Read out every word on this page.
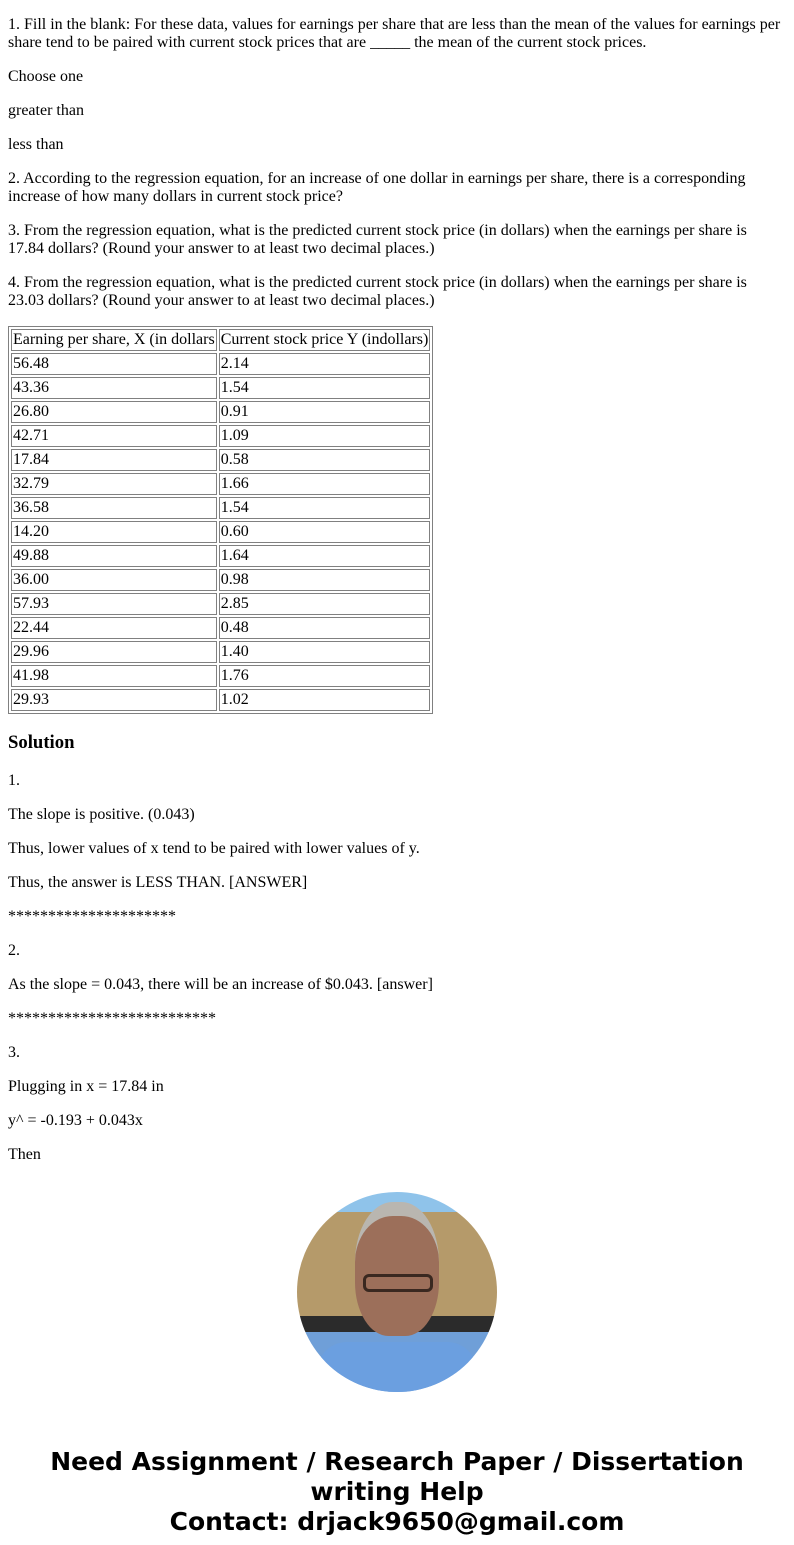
1. Fill in the blank: For these data, values for earnings per share that are less than the mean of the values for earnings per share tend to be paired with current stock prices that are _____ the mean of the current stock prices.

Choose one

greater than

less than

2. According to the regression equation, for an increase of one dollar in earnings per share, there is a corresponding increase of how many dollars in current stock price?

3. From the regression equation, what is the predicted current stock price (in dollars) when the earnings per share is 17.84 dollars? (Round your answer to at least two decimal places.)

4. From the regression equation, what is the predicted current stock price (in dollars) when the earnings per share is 23.03 dollars? (Round your answer to at least two decimal places.)

Earning per share, X (in dollars	Current stock price Y (indollars)
56.48	2.14
43.36	1.54
26.80	0.91
42.71	1.09
17.84	0.58
32.79	1.66
36.58	1.54
14.20	0.60
49.88	1.64
36.00	0.98
57.93	2.85
22.44	0.48
29.96	1.40
41.98	1.76
29.93	1.02
Solution

1.

The slope is positive. (0.043)

Thus, lower values of x tend to be paired with lower values of y.

Thus, the answer is LESS THAN. [ANSWER]

*********************

2.

As the slope = 0.043, there will be an increase of $0.043. [answer]

**************************

3.

Plugging in x = 17.84 in

y^ = -0.193 + 0.043x

Then

Need Assignment / Research Paper / Dissertation writing Help
Contact: drjack9650@gmail.com
